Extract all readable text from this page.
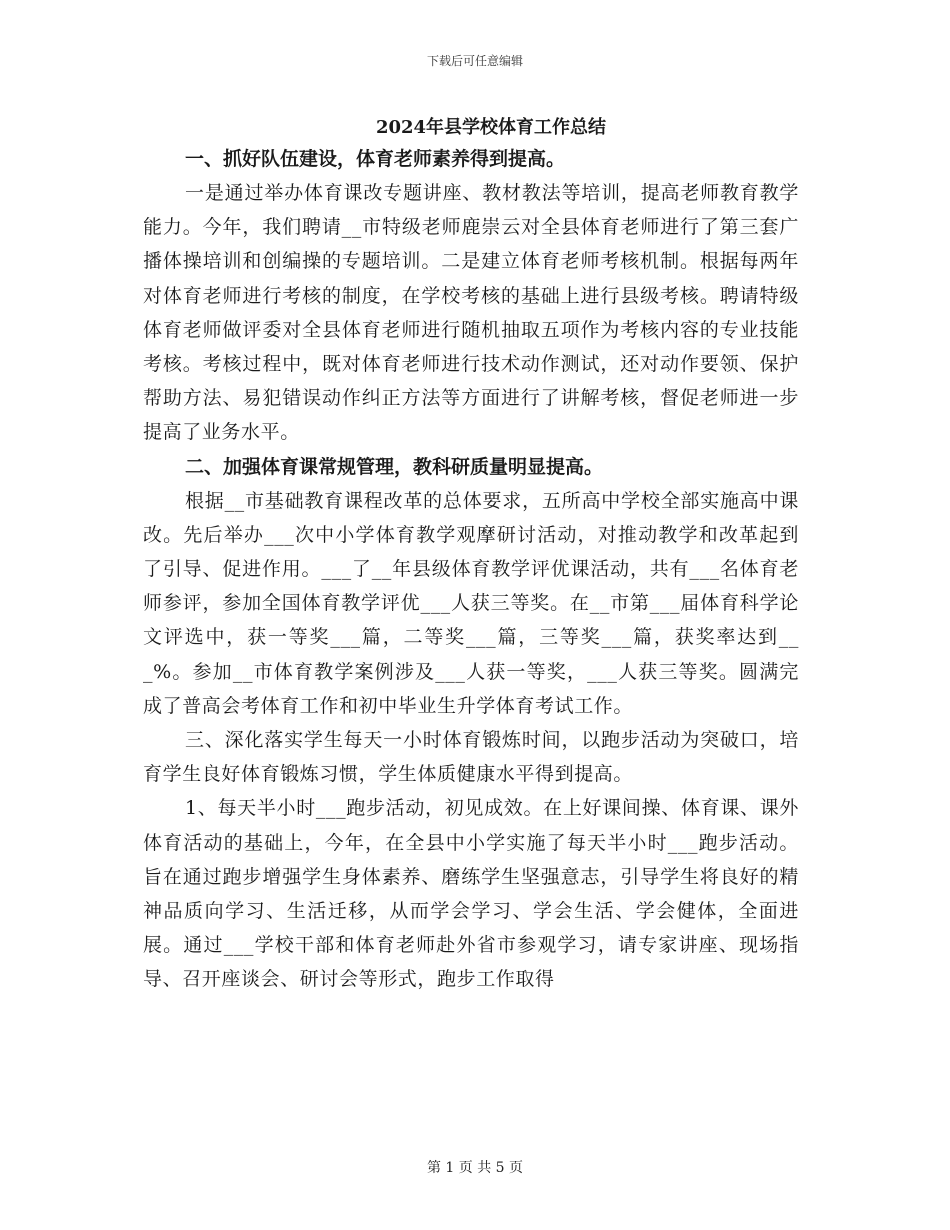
下载后可任意编辑
2024年县学校体育工作总结

一、抓好队伍建设，体育老师素养得到提高。

一是通过举办体育课改专题讲座、教材教法等培训，提高老师教育教学能力。今年，我们聘请__市特级老师鹿崇云对全县体育老师进行了第三套广播体操培训和创编操的专题培训。二是建立体育老师考核机制。根据每两年对体育老师进行考核的制度，在学校考核的基础上进行县级考核。聘请特级体育老师做评委对全县体育老师进行随机抽取五项作为考核内容的专业技能考核。考核过程中，既对体育老师进行技术动作测试，还对动作要领、保护帮助方法、易犯错误动作纠正方法等方面进行了讲解考核，督促老师进一步提高了业务水平。

二、加强体育课常规管理，教科研质量明显提高。

根据__市基础教育课程改革的总体要求，五所高中学校全部实施高中课改。先后举办___次中小学体育教学观摩研讨活动，对推动教学和改革起到了引导、促进作用。___了__年县级体育教学评优课活动，共有___名体育老师参评，参加全国体育教学评优___人获三等奖。在__市第___届体育科学论文评选中，获一等奖___篇，二等奖___篇，三等奖___篇，获奖率达到___%。参加__市体育教学案例涉及___人获一等奖，___人获三等奖。圆满完成了普高会考体育工作和初中毕业生升学体育考试工作。

三、深化落实学生每天一小时体育锻炼时间，以跑步活动为突破口，培育学生良好体育锻炼习惯，学生体质健康水平得到提高。

1、每天半小时___跑步活动，初见成效。在上好课间操、体育课、课外体育活动的基础上，今年，在全县中小学实施了每天半小时___跑步活动。旨在通过跑步增强学生身体素养、磨练学生坚强意志，引导学生将良好的精神品质向学习、生活迁移，从而学会学习、学会生活、学会健体，全面进展。通过___学校干部和体育老师赴外省市参观学习，请专家讲座、现场指导、召开座谈会、研讨会等形式，跑步工作取得

第 1 页 共 5 页
